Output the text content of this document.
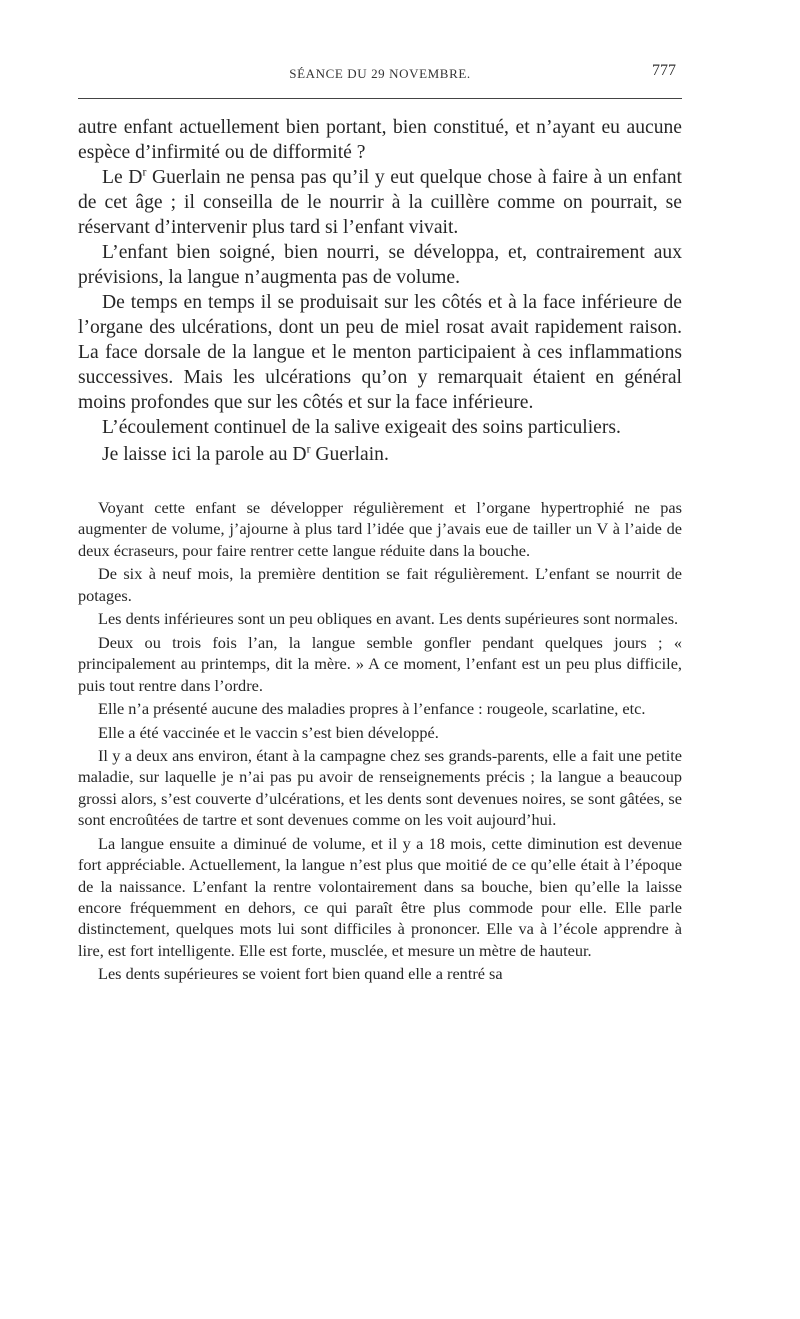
SÉANCE DU 29 NOVEMBRE.	777

autre enfant actuellement bien portant, bien constitué, et n’ayant eu aucune espèce d’infirmité ou de difformité ?

Le $D^r$ Guerlain ne pensa pas qu’il y eut quelque chose à faire à un enfant de cet âge ; il conseilla de le nourrir à la cuillère comme on pourrait, se réservant d’intervenir plus tard si l’enfant vivait.

L’enfant bien soigné, bien nourri, se développa, et, contrairement aux prévisions, la langue n’augmenta pas de volume.

De temps en temps il se produisait sur les côtés et à la face inférieure de l’organe des ulcérations, dont un peu de miel rosat avait rapidement raison. La face dorsale de la langue et le menton participaient à ces inflammations successives. Mais les ulcérations qu’on y remarquait étaient en général moins profondes que sur les côtés et sur la face inférieure.

L’écoulement continuel de la salive exigeait des soins particuliers.

Je laisse ici la parole au $D^r$ Guerlain.

Voyant cette enfant se développer régulièrement et l’organe hypertrophié ne pas augmenter de volume, j’ajourne à plus tard l’idée que j’avais eue de tailler un V à l’aide de deux écraseurs, pour faire rentrer cette langue réduite dans la bouche.

De six à neuf mois, la première dentition se fait régulièrement. L’enfant se nourrit de potages.

Les dents inférieures sont un peu obliques en avant. Les dents supérieures sont normales.

Deux ou trois fois l’an, la langue semble gonfler pendant quelques jours ; « principalement au printemps, dit la mère. » A ce moment, l’enfant est un peu plus difficile, puis tout rentre dans l’ordre.

Elle n’a présenté aucune des maladies propres à l’enfance : rougeole, scarlatine, etc.

Elle a été vaccinée et le vaccin s’est bien développé.

Il y a deux ans environ, étant à la campagne chez ses grands-parents, elle a fait une petite maladie, sur laquelle je n’ai pas pu avoir de renseignements précis ; la langue a beaucoup grossi alors, s’est couverte d’ulcérations, et les dents sont devenues noires, se sont gâtées, se sont encroûtées de tartre et sont devenues comme on les voit aujourd’hui.

La langue ensuite a diminué de volume, et il y a 18 mois, cette diminution est devenue fort appréciable. Actuellement, la langue n’est plus que moitié de ce qu’elle était à l’époque de la naissance. L’enfant la rentre volontairement dans sa bouche, bien qu’elle la laisse encore fréquemment en dehors, ce qui paraît être plus commode pour elle. Elle parle distinctement, quelques mots lui sont difficiles à prononcer. Elle va à l’école apprendre à lire, est fort intelligente. Elle est forte, musclée, et mesure un mètre de hauteur.

Les dents supérieures se voient fort bien quand elle a rentré sa
